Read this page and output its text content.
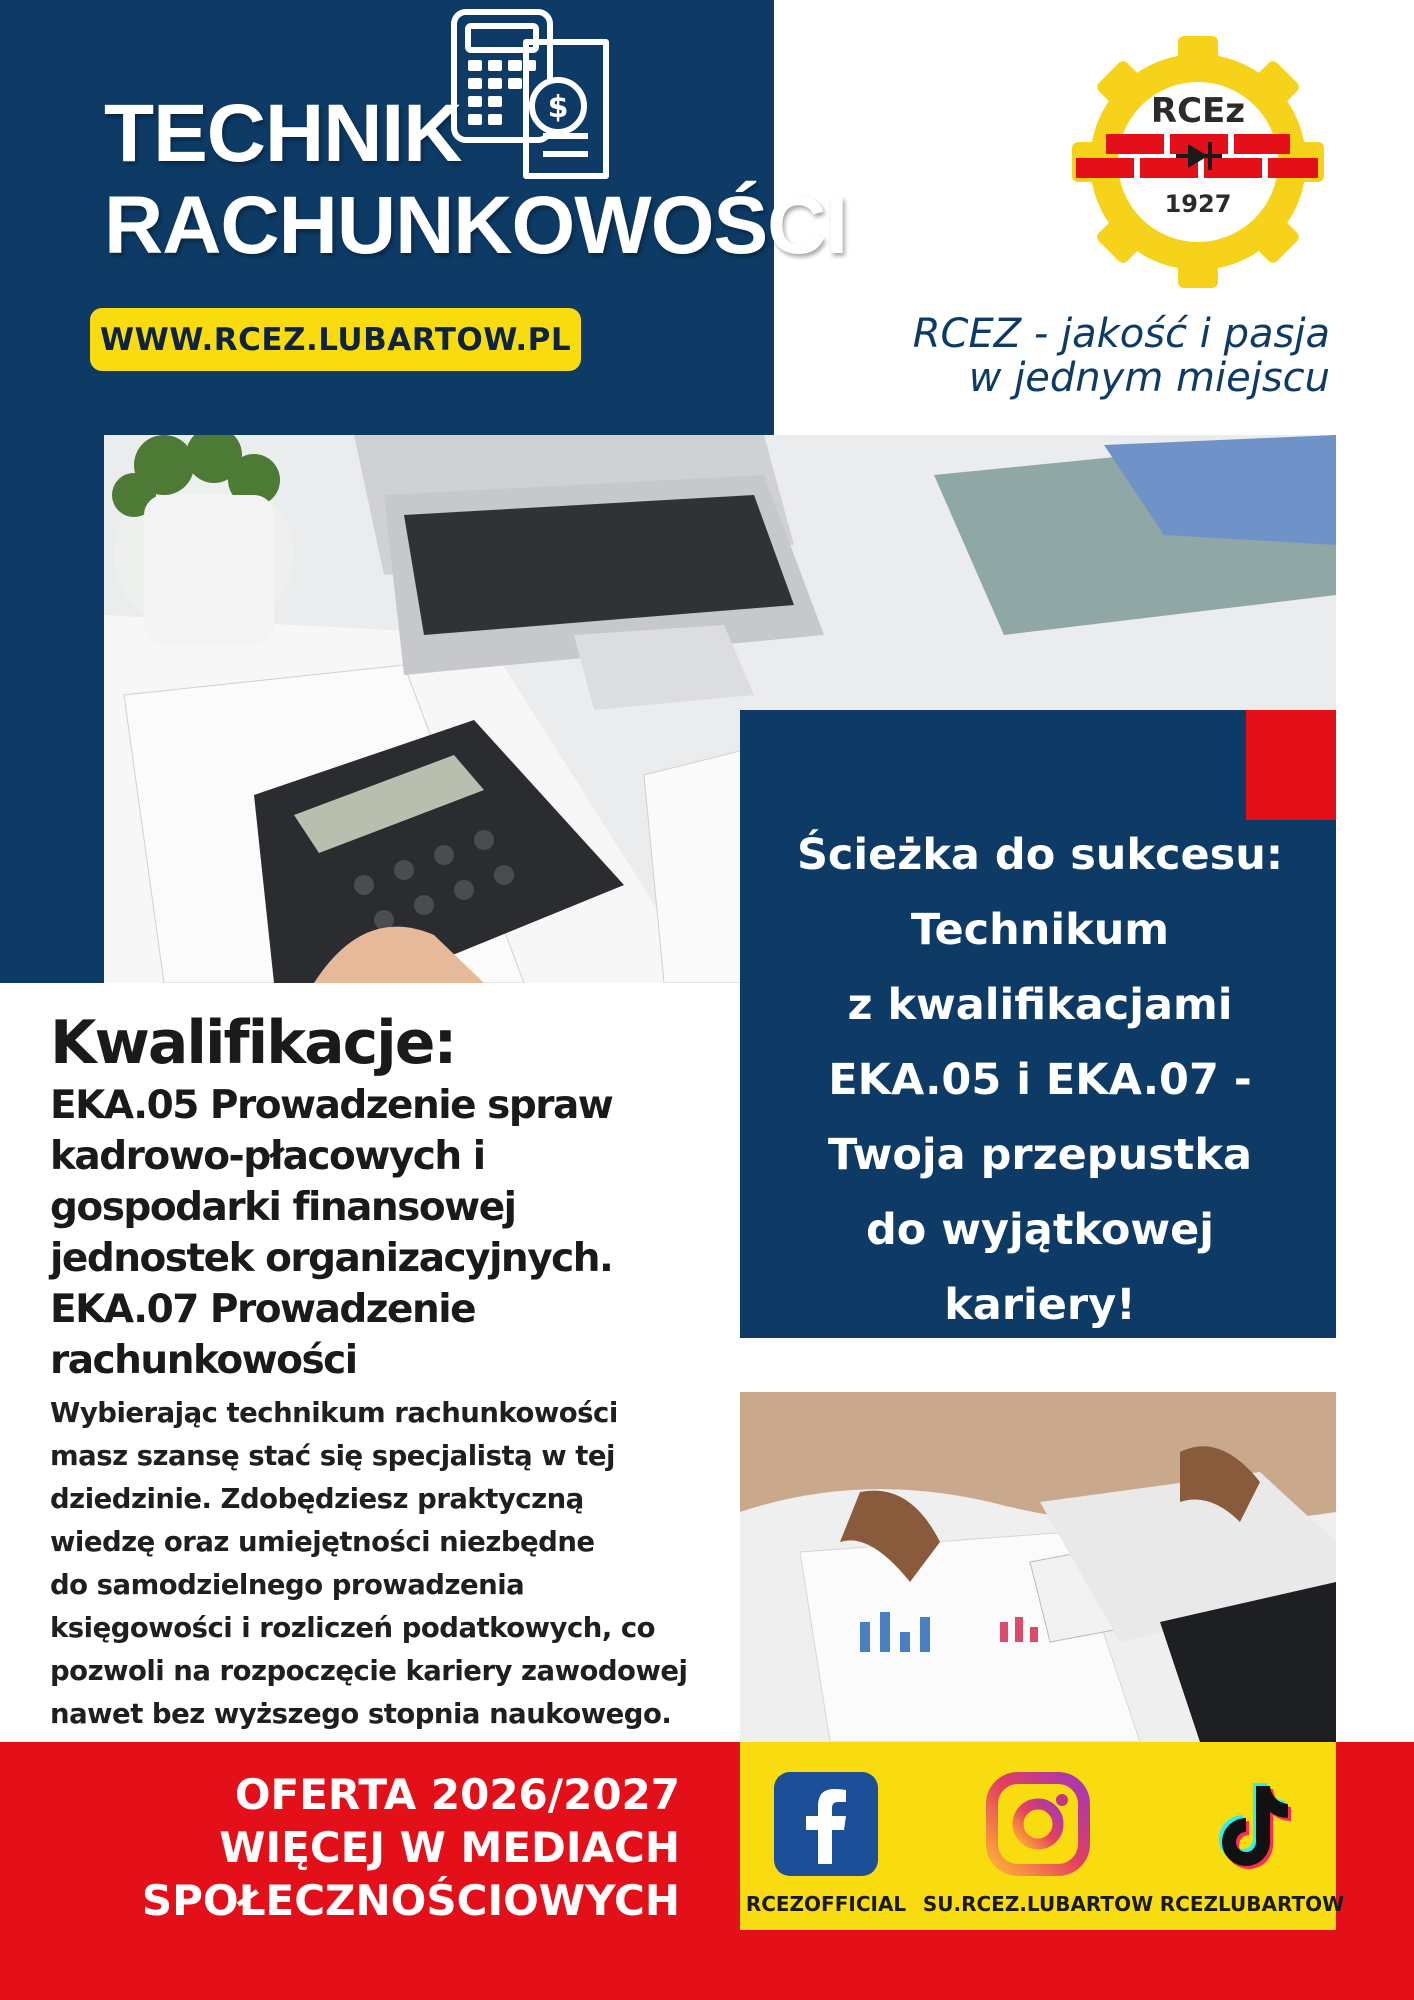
TECHNIK
RACHUNKOWOŚCI
$
WWW.RCEZ.LUBARTOW.PL
RCEz
1927
RCEZ - jakość i pasja
w jednym miejscu
Ścieżka do sukcesu:
Technikum
z kwalifikacjami
EKA.05 i EKA.07 -
Twoja przepustka
do wyjątkowej
kariery!
Kwalifikacje:
EKA.05 Prowadzenie spraw
kadrowo-płacowych i
gospodarki finansowej
jednostek organizacyjnych.
EKA.07 Prowadzenie
rachunkowości
Wybierając technikum rachunkowości
masz szansę stać się specjalistą w tej
dziedzinie. Zdobędziesz praktyczną
wiedzę oraz umiejętności niezbędne
do samodzielnego prowadzenia
księgowości i rozliczeń podatkowych, co
pozwoli na rozpoczęcie kariery zawodowej
nawet bez wyższego stopnia naukowego.
OFERTA 2026/2027
WIĘCEJ W MEDIACH
SPOŁECZNOŚCIOWYCH	RCEZOFFICIAL SU.RCEZ.LUBARTOW RCEZLUBARTOW
